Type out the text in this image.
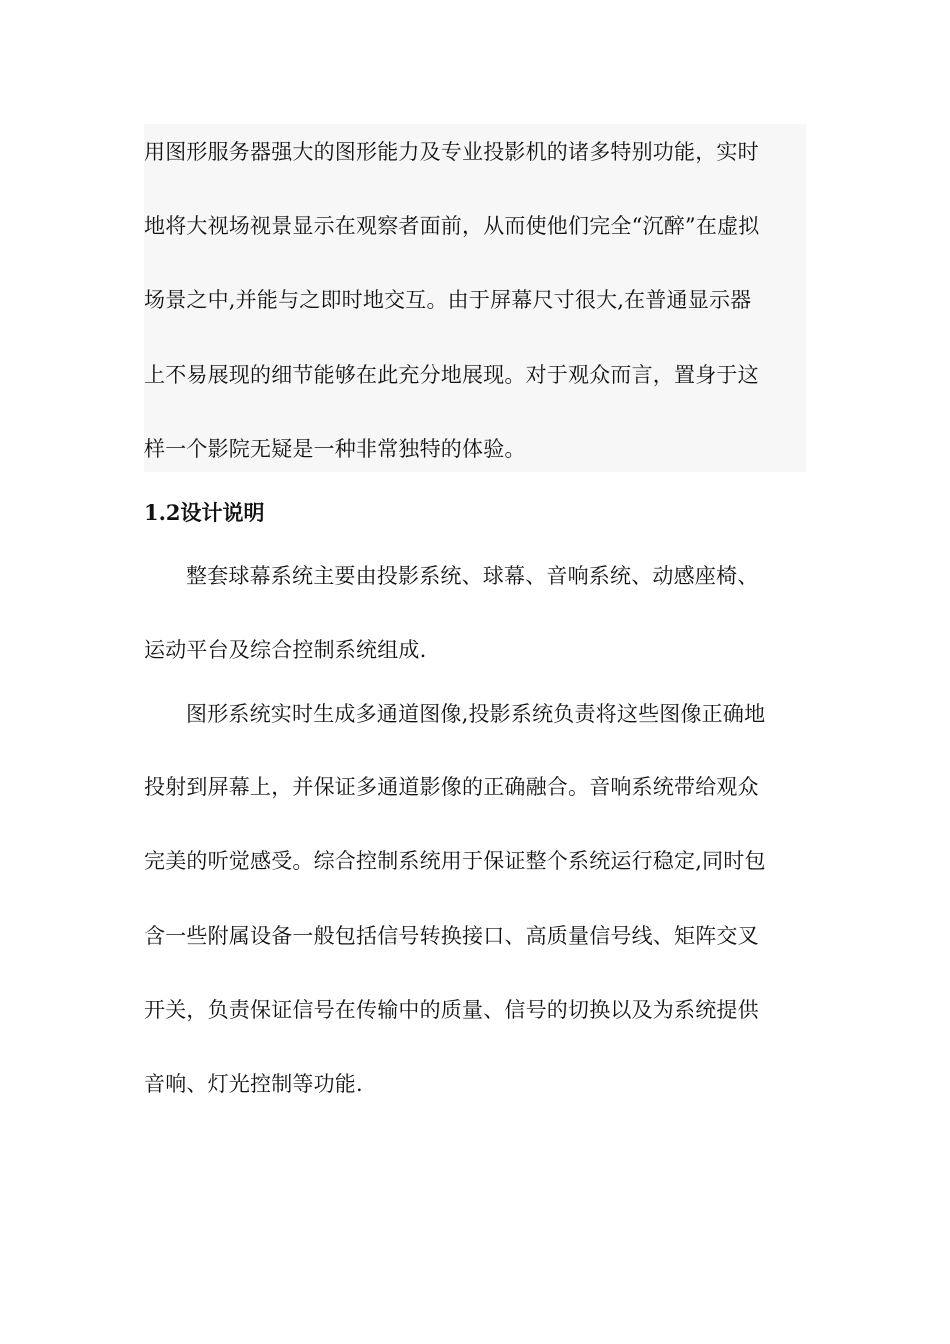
用图形服务器强大的图形能力及专业投影机的诸多特别功能，实时
地将大视场视景显示在观察者面前，从而使他们完全“沉醉”在虚拟
场景之中,并能与之即时地交互。由于屏幕尺寸很大,在普通显示器
上不易展现的细节能够在此充分地展现。对于观众而言，置身于这
样一个影院无疑是一种非常独特的体验。
1.2设计说明
整套球幕系统主要由投影系统、球幕、音响系统、动感座椅、
运动平台及综合控制系统组成.
图形系统实时生成多通道图像,投影系统负责将这些图像正确地
投射到屏幕上，并保证多通道影像的正确融合。音响系统带给观众
完美的听觉感受。综合控制系统用于保证整个系统运行稳定,同时包
含一些附属设备一般包括信号转换接口、高质量信号线、矩阵交叉
开关，负责保证信号在传输中的质量、信号的切换以及为系统提供
音响、灯光控制等功能.
